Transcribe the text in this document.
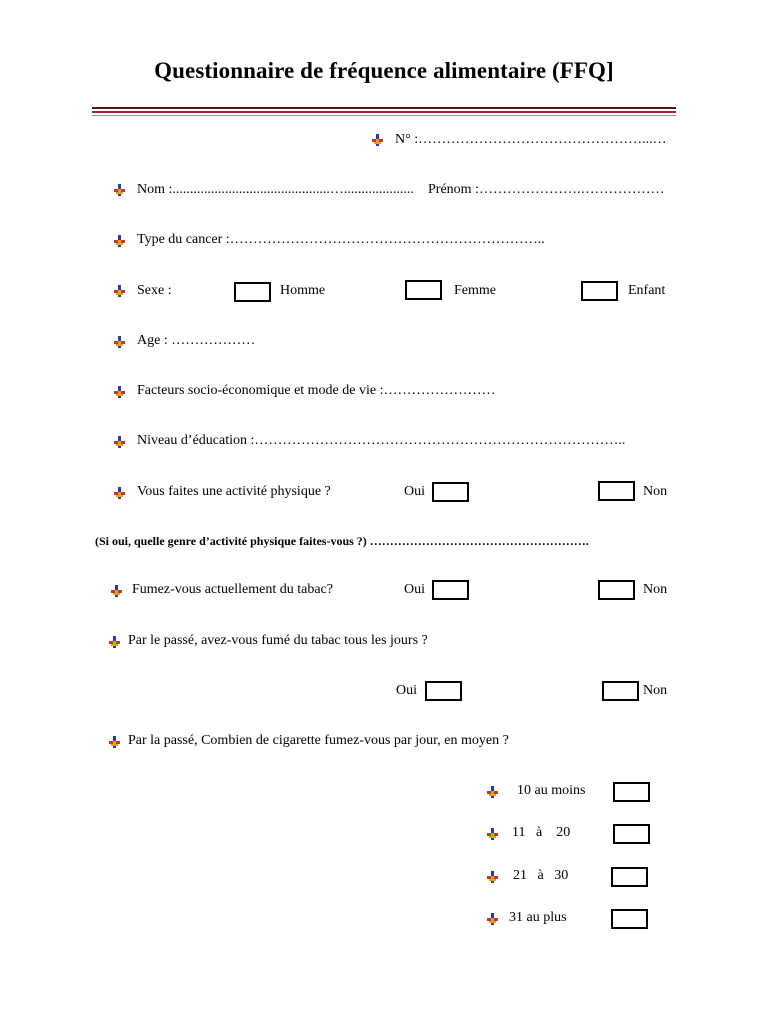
Questionnaire de fréquence alimentaire (FFQ]
N° :…………………………………………...…
Nom :.............................................….................... Prénom :………………….………………
Type du cancer :…………………………………………………………..
Sexe :	Homme	Femme	Enfant
Age : ………………
Facteurs socio-économique et mode de vie :……………………
Niveau d’éducation :……………………………………………………………………..
Vous faites une activité physique ?	Oui	Non
(Si oui, quelle genre d’activité physique faites-vous ?) ……………………………………………….
Fumez-vous actuellement du tabac?	Oui	Non
Par le passé, avez-vous fumé du tabac tous les jours ?
Oui	Non
Par la passé, Combien de cigarette fumez-vous par jour, en moyen ?
10 au moins
11   à    20
21   à   30
31 au plus
